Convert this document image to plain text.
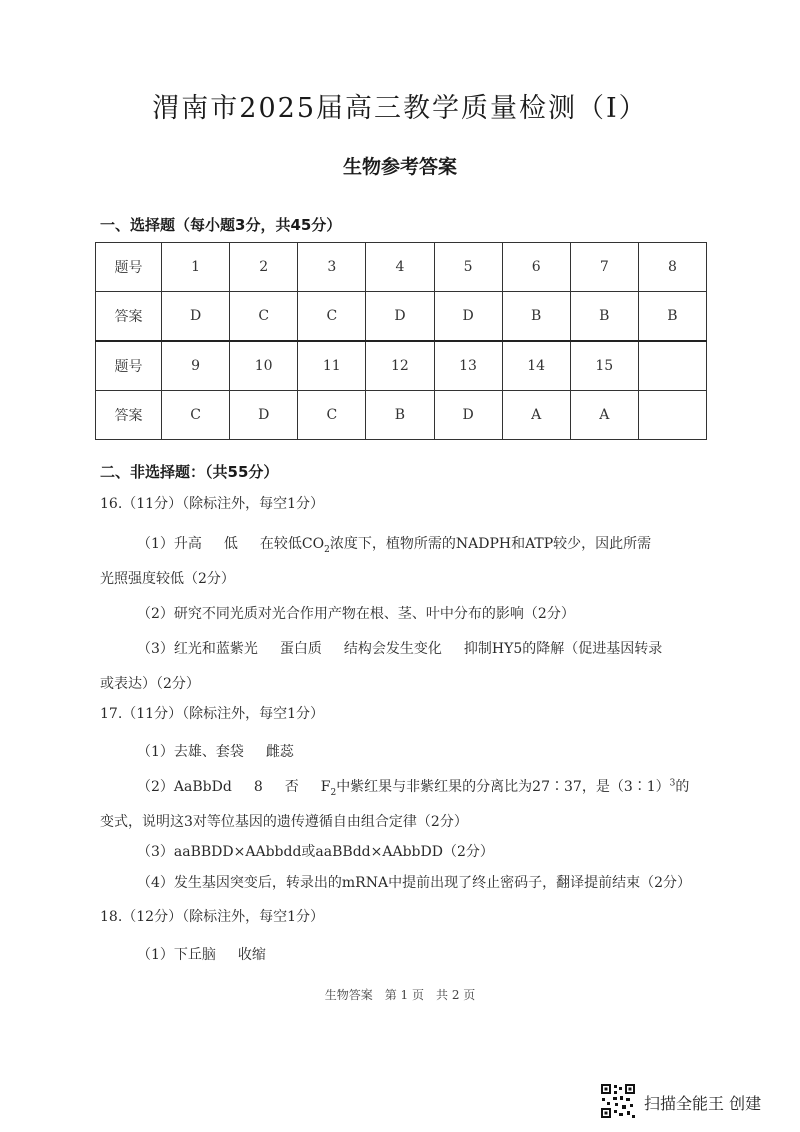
渭南市2025届高三教学质量检测（Ⅰ）
生物参考答案
一、选择题（每小题3分，共45分）
题号	1	2	3	4	5	6	7	8
答案	D	C	C	D	D	B	B	B
题号	9	10	11	12	13	14	15	
答案	C	D	C	B	D	A	A	
二、非选择题：（共55分）
16.（11分）（除标注外，每空1分）
（1）升高 低 在较低$CO_2$浓度下，植物所需的NADPH和ATP较少，因此所需
光照强度较低（2分）
（2）研究不同光质对光合作用产物在根、茎、叶中分布的影响（2分）
（3）红光和蓝紫光 蛋白质 结构会发生变化 抑制HY5的降解（促进基因转录
或表达）（2分）
17.（11分）（除标注外，每空1分）
（1）去雄、套袋 雌蕊
（2）AaBbDd 8 否 $F_2$中紫红果与非紫红果的分离比为27∶37，是（3∶1）$^3$的
变式，说明这3对等位基因的遗传遵循自由组合定律（2分）
（3）aaBBDD×AAbbdd或aaBBdd×AAbbDD（2分）
（4）发生基因突变后，转录出的mRNA中提前出现了终止密码子，翻译提前结束（2分）
18.（12分）（除标注外，每空1分）
（1）下丘脑 收缩
生物答案　第 1 页　共 2 页
扫描全能王 创建
